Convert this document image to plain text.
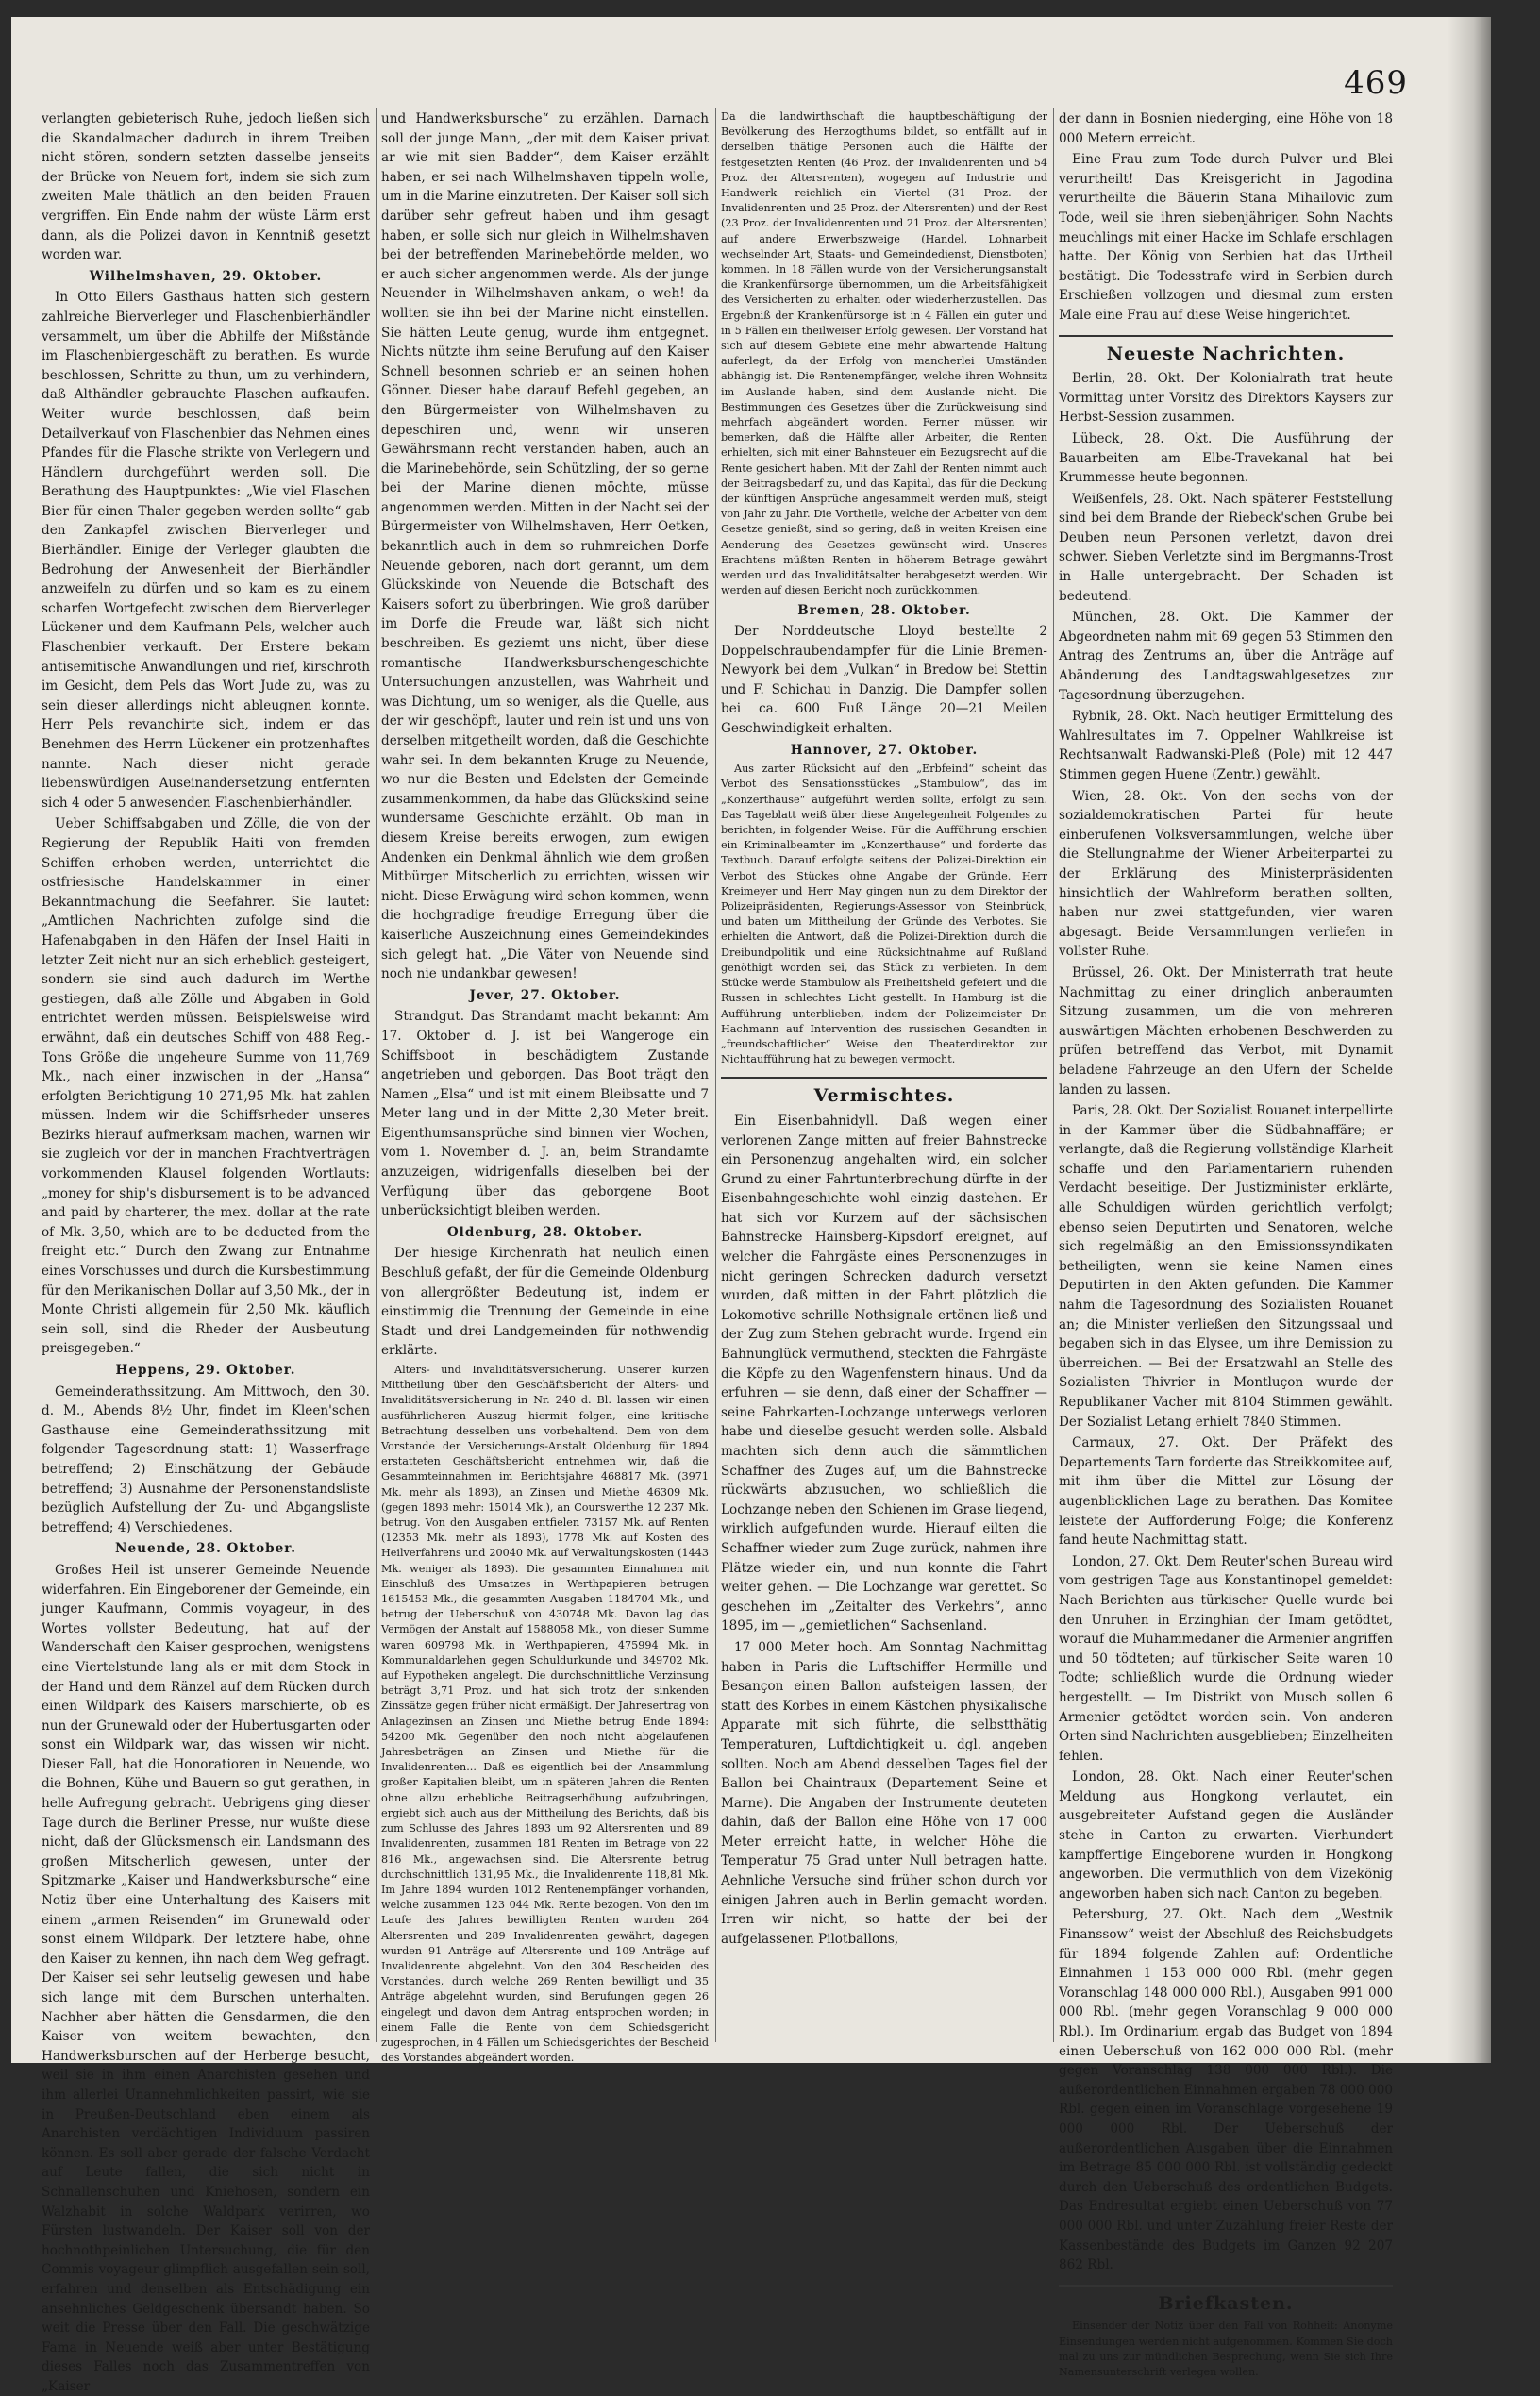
469

verlangten gebieterisch Ruhe, jedoch ließen sich die Skandalmacher dadurch in ihrem Treiben nicht stören, sondern setzten dasselbe jenseits der Brücke von Neuem fort, indem sie sich zum zweiten Male thätlich an den beiden Frauen vergriffen. Ein Ende nahm der wüste Lärm erst dann, als die Polizei davon in Kenntniß gesetzt worden war.

Wilhelmshaven, 29. Oktober.

In Otto Eilers Gasthaus hatten sich gestern zahlreiche Bierverleger und Flaschenbierhändler versammelt, um über die Abhilfe der Mißstände im Flaschenbiergeschäft zu berathen. Es wurde beschlossen, Schritte zu thun, um zu verhindern, daß Althändler gebrauchte Flaschen aufkaufen. Weiter wurde beschlossen, daß beim Detailverkauf von Flaschenbier das Nehmen eines Pfandes für die Flasche strikte von Verlegern und Händlern durchgeführt werden soll. Die Berathung des Hauptpunktes: „Wie viel Flaschen Bier für einen Thaler gegeben werden sollte“ gab den Zankapfel zwischen Bierverleger und Bierhändler. Einige der Verleger glaubten die Bedrohung der Anwesenheit der Bierhändler anzweifeln zu dürfen und so kam es zu einem scharfen Wortgefecht zwischen dem Bierverleger Lückener und dem Kaufmann Pels, welcher auch Flaschenbier verkauft. Der Erstere bekam antisemitische Anwandlungen und rief, kirschroth im Gesicht, dem Pels das Wort Jude zu, was zu sein dieser allerdings nicht ableugnen konnte. Herr Pels revanchirte sich, indem er das Benehmen des Herrn Lückener ein protzenhaftes nannte. Nach dieser nicht gerade liebenswürdigen Auseinandersetzung entfernten sich 4 oder 5 anwesenden Flaschenbierhändler.

Ueber Schiffsabgaben und Zölle, die von der Regierung der Republik Haiti von fremden Schiffen erhoben werden, unterrichtet die ostfriesische Handelskammer in einer Bekanntmachung die Seefahrer. Sie lautet: „Amtlichen Nachrichten zufolge sind die Hafenabgaben in den Häfen der Insel Haiti in letzter Zeit nicht nur an sich erheblich gesteigert, sondern sie sind auch dadurch im Werthe gestiegen, daß alle Zölle und Abgaben in Gold entrichtet werden müssen. Beispielsweise wird erwähnt, daß ein deutsches Schiff von 488 Reg.-Tons Größe die ungeheure Summe von 11,769 Mk., nach einer inzwischen in der „Hansa“ erfolgten Berichtigung 10 271,95 Mk. hat zahlen müssen. Indem wir die Schiffsrheder unseres Bezirks hierauf aufmerksam machen, warnen wir sie zugleich vor der in manchen Frachtverträgen vorkommenden Klausel folgenden Wortlauts: „money for ship's disbursement is to be advanced and paid by charterer, the mex. dollar at the rate of Mk. 3,50, which are to be deducted from the freight etc.“ Durch den Zwang zur Entnahme eines Vorschusses und durch die Kursbestimmung für den Merikanischen Dollar auf 3,50 Mk., der in Monte Christi allgemein für 2,50 Mk. käuflich sein soll, sind die Rheder der Ausbeutung preisgegeben.“

Heppens, 29. Oktober.

Gemeinderathssitzung. Am Mittwoch, den 30. d. M., Abends 8½ Uhr, findet im Kleen'schen Gasthause eine Gemeinderathssitzung mit folgender Tagesordnung statt: 1) Wasserfrage betreffend; 2) Einschätzung der Gebäude betreffend; 3) Ausnahme der Personenstandsliste bezüglich Aufstellung der Zu- und Abgangsliste betreffend; 4) Verschiedenes.

Neuende, 28. Oktober.

Großes Heil ist unserer Gemeinde Neuende widerfahren. Ein Eingeborener der Gemeinde, ein junger Kaufmann, Commis voyageur, in des Wortes vollster Bedeutung, hat auf der Wanderschaft den Kaiser gesprochen, wenigstens eine Viertelstunde lang als er mit dem Stock in der Hand und dem Ränzel auf dem Rücken durch einen Wildpark des Kaisers marschierte, ob es nun der Grunewald oder der Hubertusgarten oder sonst ein Wildpark war, das wissen wir nicht. Dieser Fall, hat die Honoratioren in Neuende, wo die Bohnen, Kühe und Bauern so gut gerathen, in helle Aufregung gebracht. Uebrigens ging dieser Tage durch die Berliner Presse, nur wußte diese nicht, daß der Glücksmensch ein Landsmann des großen Mitscherlich gewesen, unter der Spitzmarke „Kaiser und Handwerksbursche“ eine Notiz über eine Unterhaltung des Kaisers mit einem „armen Reisenden“ im Grunewald oder sonst einem Wildpark. Der letztere habe, ohne den Kaiser zu kennen, ihn nach dem Weg gefragt. Der Kaiser sei sehr leutselig gewesen und habe sich lange mit dem Burschen unterhalten. Nachher aber hätten die Gensdarmen, die den Kaiser von weitem bewachten, den Handwerksburschen auf der Herberge besucht, weil sie in ihm einen Anarchisten gesehen und ihm allerlei Unannehmlichkeiten passirt, wie sie in Preußen-Deutschland eben einem als Anarchisten verdächtigen Individuum passiren können. Es soll aber gerade der falsche Verdacht auf Leute fallen, die sich nicht in Schnallenschuhen und Kniehosen, sondern ein Walzhabit in solche Waldpark verirren, wo Fürsten lustwandeln. Der Kaiser soll von der hochnothpeinlichen Untersuchung, die für den Commis voyageur glimpflich ausgefallen sein soll, erfahren und denselben als Entschädigung ein ansehnliches Geldgeschenk übersandt haben. So weit die Presse über den Fall. Die geschwätzige Fama in Neuende weiß aber unter Bestätigung dieses Falles noch das Zusammentreffen von „Kaiser

und Handwerksbursche“ zu erzählen. Darnach soll der junge Mann, „der mit dem Kaiser privat ar wie mit sien Badder“, dem Kaiser erzählt haben, er sei nach Wilhelmshaven tippeln wolle, um in die Marine einzutreten. Der Kaiser soll sich darüber sehr gefreut haben und ihm gesagt haben, er solle sich nur gleich in Wilhelmshaven bei der betreffenden Marinebehörde melden, wo er auch sicher angenommen werde. Als der junge Neuender in Wilhelmshaven ankam, o weh! da wollten sie ihn bei der Marine nicht einstellen. Sie hätten Leute genug, wurde ihm entgegnet. Nichts nützte ihm seine Berufung auf den Kaiser Schnell besonnen schrieb er an seinen hohen Gönner. Dieser habe darauf Befehl gegeben, an den Bürgermeister von Wilhelmshaven zu depeschiren und, wenn wir unseren Gewährsmann recht verstanden haben, auch an die Marinebehörde, sein Schützling, der so gerne bei der Marine dienen möchte, müsse angenommen werden. Mitten in der Nacht sei der Bürgermeister von Wilhelmshaven, Herr Oetken, bekanntlich auch in dem so ruhmreichen Dorfe Neuende geboren, nach dort gerannt, um dem Glückskinde von Neuende die Botschaft des Kaisers sofort zu überbringen. Wie groß darüber im Dorfe die Freude war, läßt sich nicht beschreiben. Es geziemt uns nicht, über diese romantische Handwerksburschengeschichte Untersuchungen anzustellen, was Wahrheit und was Dichtung, um so weniger, als die Quelle, aus der wir geschöpft, lauter und rein ist und uns von derselben mitgetheilt worden, daß die Geschichte wahr sei. In dem bekannten Kruge zu Neuende, wo nur die Besten und Edelsten der Gemeinde zusammenkommen, da habe das Glückskind seine wundersame Geschichte erzählt. Ob man in diesem Kreise bereits erwogen, zum ewigen Andenken ein Denkmal ähnlich wie dem großen Mitbürger Mitscherlich zu errichten, wissen wir nicht. Diese Erwägung wird schon kommen, wenn die hochgradige freudige Erregung über die kaiserliche Auszeichnung eines Gemeindekindes sich gelegt hat. „Die Väter von Neuende sind noch nie undankbar gewesen!

Jever, 27. Oktober.

Strandgut. Das Strandamt macht bekannt: Am 17. Oktober d. J. ist bei Wangeroge ein Schiffsboot in beschädigtem Zustande angetrieben und geborgen. Das Boot trägt den Namen „Elsa“ und ist mit einem Bleibsatte und 7 Meter lang und in der Mitte 2,30 Meter breit. Eigenthumsansprüche sind binnen vier Wochen, vom 1. November d. J. an, beim Strandamte anzuzeigen, widrigenfalls dieselben bei der Verfügung über das geborgene Boot unberücksichtigt bleiben werden.

Oldenburg, 28. Oktober.

Der hiesige Kirchenrath hat neulich einen Beschluß gefaßt, der für die Gemeinde Oldenburg von allergrößter Bedeutung ist, indem er einstimmig die Trennung der Gemeinde in eine Stadt- und drei Landgemeinden für nothwendig erklärte.

Alters- und Invaliditätsversicherung. Unserer kurzen Mittheilung über den Geschäftsbericht der Alters- und Invaliditätsversicherung in Nr. 240 d. Bl. lassen wir einen ausführlicheren Auszug hiermit folgen, eine kritische Betrachtung desselben uns vorbehaltend. Dem von dem Vorstande der Versicherungs-Anstalt Oldenburg für 1894 erstatteten Geschäftsbericht entnehmen wir, daß die Gesammteinnahmen im Berichtsjahre 468817 Mk. (3971 Mk. mehr als 1893), an Zinsen und Miethe 46309 Mk. (gegen 1893 mehr: 15014 Mk.), an Courswerthe 12 237 Mk. betrug. Von den Ausgaben entfielen 73157 Mk. auf Renten (12353 Mk. mehr als 1893), 1778 Mk. auf Kosten des Heilverfahrens und 20040 Mk. auf Verwaltungskosten (1443 Mk. weniger als 1893). Die gesammten Einnahmen mit Einschluß des Umsatzes in Werthpapieren betrugen 1615453 Mk., die gesammten Ausgaben 1184704 Mk., und betrug der Ueberschuß von 430748 Mk. Davon lag das Vermögen der Anstalt auf 1588058 Mk., von dieser Summe waren 609798 Mk. in Werthpapieren, 475994 Mk. in Kommunaldarlehen gegen Schuldurkunde und 349702 Mk. auf Hypotheken angelegt. Die durchschnittliche Verzinsung beträgt 3,71 Proz. und hat sich trotz der sinkenden Zinssätze gegen früher nicht ermäßigt. Der Jahresertrag von Anlagezinsen an Zinsen und Miethe betrug Ende 1894: 54200 Mk. Gegenüber den noch nicht abgelaufenen Jahresbeträgen an Zinsen und Miethe für die Invalidenrenten... Daß es eigentlich bei der Ansammlung großer Kapitalien bleibt, um in späteren Jahren die Renten ohne allzu erhebliche Beitragserhöhung aufzubringen, ergiebt sich auch aus der Mittheilung des Berichts, daß bis zum Schlusse des Jahres 1893 um 92 Altersrenten und 89 Invalidenrenten, zusammen 181 Renten im Betrage von 22 816 Mk., angewachsen sind. Die Altersrente betrug durchschnittlich 131,95 Mk., die Invalidenrente 118,81 Mk. Im Jahre 1894 wurden 1012 Rentenempfänger vorhanden, welche zusammen 123 044 Mk. Rente bezogen. Von den im Laufe des Jahres bewilligten Renten wurden 264 Altersrenten und 289 Invalidenrenten gewährt, dagegen wurden 91 Anträge auf Altersrente und 109 Anträge auf Invalidenrente abgelehnt. Von den 304 Bescheiden des Vorstandes, durch welche 269 Renten bewilligt und 35 Anträge abgelehnt wurden, sind Berufungen gegen 26 eingelegt und davon dem Antrag entsprochen worden; in einem Falle die Rente von dem Schiedsgericht zugesprochen, in 4 Fällen um Schiedsgerichtes der Bescheid des Vorstandes abgeändert worden.

Da die landwirthschaft die hauptbeschäftigung der Bevölkerung des Herzogthums bildet, so entfällt auf in derselben thätige Personen auch die Hälfte der festgesetzten Renten (46 Proz. der Invalidenrenten und 54 Proz. der Altersrenten), wogegen auf Industrie und Handwerk reichlich ein Viertel (31 Proz. der Invalidenrenten und 25 Proz. der Altersrenten) und der Rest (23 Proz. der Invalidenrenten und 21 Proz. der Altersrenten) auf andere Erwerbszweige (Handel, Lohnarbeit wechselnder Art, Staats- und Gemeindedienst, Dienstboten) kommen. In 18 Fällen wurde von der Versicherungsanstalt die Krankenfürsorge übernommen, um die Arbeitsfähigkeit des Versicherten zu erhalten oder wiederherzustellen. Das Ergebniß der Krankenfürsorge ist in 4 Fällen ein guter und in 5 Fällen ein theilweiser Erfolg gewesen. Der Vorstand hat sich auf diesem Gebiete eine mehr abwartende Haltung auferlegt, da der Erfolg von mancherlei Umständen abhängig ist. Die Rentenempfänger, welche ihren Wohnsitz im Auslande haben, sind dem Auslande nicht. Die Bestimmungen des Gesetzes über die Zurückweisung sind mehrfach abgeändert worden. Ferner müssen wir bemerken, daß die Hälfte aller Arbeiter, die Renten erhielten, sich mit einer Bahnsteuer ein Bezugsrecht auf die Rente gesichert haben. Mit der Zahl der Renten nimmt auch der Beitragsbedarf zu, und das Kapital, das für die Deckung der künftigen Ansprüche angesammelt werden muß, steigt von Jahr zu Jahr. Die Vortheile, welche der Arbeiter von dem Gesetze genießt, sind so gering, daß in weiten Kreisen eine Aenderung des Gesetzes gewünscht wird. Unseres Erachtens müßten Renten in höherem Betrage gewährt werden und das Invaliditätsalter herabgesetzt werden. Wir werden auf diesen Bericht noch zurückkommen.

Bremen, 28. Oktober.

Der Norddeutsche Lloyd bestellte 2 Doppelschraubendampfer für die Linie Bremen-Newyork bei dem „Vulkan“ in Bredow bei Stettin und F. Schichau in Danzig. Die Dampfer sollen bei ca. 600 Fuß Länge 20—21 Meilen Geschwindigkeit erhalten.

Hannover, 27. Oktober.

Aus zarter Rücksicht auf den „Erbfeind“ scheint das Verbot des Sensationsstückes „Stambulow“, das im „Konzerthause“ aufgeführt werden sollte, erfolgt zu sein. Das Tageblatt weiß über diese Angelegenheit Folgendes zu berichten, in folgender Weise. Für die Aufführung erschien ein Kriminalbeamter im „Konzerthause“ und forderte das Textbuch. Darauf erfolgte seitens der Polizei-Direktion ein Verbot des Stückes ohne Angabe der Gründe. Herr Kreimeyer und Herr May gingen nun zu dem Direktor der Polizeipräsidenten, Regierungs-Assessor von Steinbrück, und baten um Mittheilung der Gründe des Verbotes. Sie erhielten die Antwort, daß die Polizei-Direktion durch die Dreibundpolitik und eine Rücksichtnahme auf Rußland genöthigt worden sei, das Stück zu verbieten. In dem Stücke werde Stambulow als Freiheitsheld gefeiert und die Russen in schlechtes Licht gestellt. In Hamburg ist die Aufführung unterblieben, indem der Polizeimeister Dr. Hachmann auf Intervention des russischen Gesandten in „freundschaftlicher“ Weise den Theaterdirektor zur Nichtaufführung hat zu bewegen vermocht.

Vermischtes.

Ein Eisenbahnidyll. Daß wegen einer verlorenen Zange mitten auf freier Bahnstrecke ein Personenzug angehalten wird, ein solcher Grund zu einer Fahrtunterbrechung dürfte in der Eisenbahngeschichte wohl einzig dastehen. Er hat sich vor Kurzem auf der sächsischen Bahnstrecke Hainsberg-Kipsdorf ereignet, auf welcher die Fahrgäste eines Personenzuges in nicht geringen Schrecken dadurch versetzt wurden, daß mitten in der Fahrt plötzlich die Lokomotive schrille Nothsignale ertönen ließ und der Zug zum Stehen gebracht wurde. Irgend ein Bahnunglück vermuthend, steckten die Fahrgäste die Köpfe zu den Wagenfenstern hinaus. Und da erfuhren — sie denn, daß einer der Schaffner — seine Fahrkarten-Lochzange unterwegs verloren habe und dieselbe gesucht werden solle. Alsbald machten sich denn auch die sämmtlichen Schaffner des Zuges auf, um die Bahnstrecke rückwärts abzusuchen, wo schließlich die Lochzange neben den Schienen im Grase liegend, wirklich aufgefunden wurde. Hierauf eilten die Schaffner wieder zum Zuge zurück, nahmen ihre Plätze wieder ein, und nun konnte die Fahrt weiter gehen. — Die Lochzange war gerettet. So geschehen im „Zeitalter des Verkehrs“, anno 1895, im — „gemietlichen“ Sachsenland.

17 000 Meter hoch. Am Sonntag Nachmittag haben in Paris die Luftschiffer Hermille und Besançon einen Ballon aufsteigen lassen, der statt des Korbes in einem Kästchen physikalische Apparate mit sich führte, die selbstthätig Temperaturen, Luftdichtigkeit u. dgl. angeben sollten. Noch am Abend desselben Tages fiel der Ballon bei Chaintraux (Departement Seine et Marne). Die Angaben der Instrumente deuteten dahin, daß der Ballon eine Höhe von 17 000 Meter erreicht hatte, in welcher Höhe die Temperatur 75 Grad unter Null betragen hatte. Aehnliche Versuche sind früher schon durch vor einigen Jahren auch in Berlin gemacht worden. Irren wir nicht, so hatte der bei der aufgelassenen Pilotballons,

der dann in Bosnien niederging, eine Höhe von 18 000 Metern erreicht.

Eine Frau zum Tode durch Pulver und Blei verurtheilt! Das Kreisgericht in Jagodina verurtheilte die Bäuerin Stana Mihailovic zum Tode, weil sie ihren siebenjährigen Sohn Nachts meuchlings mit einer Hacke im Schlafe erschlagen hatte. Der König von Serbien hat das Urtheil bestätigt. Die Todesstrafe wird in Serbien durch Erschießen vollzogen und diesmal zum ersten Male eine Frau auf diese Weise hingerichtet.

Neueste Nachrichten.

Berlin, 28. Okt. Der Kolonialrath trat heute Vormittag unter Vorsitz des Direktors Kaysers zur Herbst-Session zusammen.

Lübeck, 28. Okt. Die Ausführung der Bauarbeiten am Elbe-Travekanal hat bei Krummesse heute begonnen.

Weißenfels, 28. Okt. Nach späterer Feststellung sind bei dem Brande der Riebeck'schen Grube bei Deuben neun Personen verletzt, davon drei schwer. Sieben Verletzte sind im Bergmanns-Trost in Halle untergebracht. Der Schaden ist bedeutend.

München, 28. Okt. Die Kammer der Abgeordneten nahm mit 69 gegen 53 Stimmen den Antrag des Zentrums an, über die Anträge auf Abänderung des Landtagswahlgesetzes zur Tagesordnung überzugehen.

Rybnik, 28. Okt. Nach heutiger Ermittelung des Wahlresultates im 7. Oppelner Wahlkreise ist Rechtsanwalt Radwanski-Pleß (Pole) mit 12 447 Stimmen gegen Huene (Zentr.) gewählt.

Wien, 28. Okt. Von den sechs von der sozialdemokratischen Partei für heute einberufenen Volksversammlungen, welche über die Stellungnahme der Wiener Arbeiterpartei zu der Erklärung des Ministerpräsidenten hinsichtlich der Wahlreform berathen sollten, haben nur zwei stattgefunden, vier waren abgesagt. Beide Versammlungen verliefen in vollster Ruhe.

Brüssel, 26. Okt. Der Ministerrath trat heute Nachmittag zu einer dringlich anberaumten Sitzung zusammen, um die von mehreren auswärtigen Mächten erhobenen Beschwerden zu prüfen betreffend das Verbot, mit Dynamit beladene Fahrzeuge an den Ufern der Schelde landen zu lassen.

Paris, 28. Okt. Der Sozialist Rouanet interpellirte in der Kammer über die Südbahnaffäre; er verlangte, daß die Regierung vollständige Klarheit schaffe und den Parlamentariern ruhenden Verdacht beseitige. Der Justizminister erklärte, alle Schuldigen würden gerichtlich verfolgt; ebenso seien Deputirten und Senatoren, welche sich regelmäßig an den Emissionssyndikaten betheiligten, wenn sie keine Namen eines Deputirten in den Akten gefunden. Die Kammer nahm die Tagesordnung des Sozialisten Rouanet an; die Minister verließen den Sitzungssaal und begaben sich in das Elysee, um ihre Demission zu überreichen. — Bei der Ersatzwahl an Stelle des Sozialisten Thivrier in Montluçon wurde der Republikaner Vacher mit 8104 Stimmen gewählt. Der Sozialist Letang erhielt 7840 Stimmen.

Carmaux, 27. Okt. Der Präfekt des Departements Tarn forderte das Streikkomitee auf, mit ihm über die Mittel zur Lösung der augenblicklichen Lage zu berathen. Das Komitee leistete der Aufforderung Folge; die Konferenz fand heute Nachmittag statt.

London, 27. Okt. Dem Reuter'schen Bureau wird vom gestrigen Tage aus Konstantinopel gemeldet: Nach Berichten aus türkischer Quelle wurde bei den Unruhen in Erzinghian der Imam getödtet, worauf die Muhammedaner die Armenier angriffen und 50 tödteten; auf türkischer Seite waren 10 Todte; schließlich wurde die Ordnung wieder hergestellt. — Im Distrikt von Musch sollen 6 Armenier getödtet worden sein. Von anderen Orten sind Nachrichten ausgeblieben; Einzelheiten fehlen.

London, 28. Okt. Nach einer Reuter'schen Meldung aus Hongkong verlautet, ein ausgebreiteter Aufstand gegen die Ausländer stehe in Canton zu erwarten. Vierhundert kampffertige Eingeborene wurden in Hongkong angeworben. Die vermuthlich von dem Vizekönig angeworben haben sich nach Canton zu begeben.

Petersburg, 27. Okt. Nach dem „Westnik Finanssow“ weist der Abschluß des Reichsbudgets für 1894 folgende Zahlen auf: Ordentliche Einnahmen 1 153 000 000 Rbl. (mehr gegen Voranschlag 148 000 000 Rbl.), Ausgaben 991 000 000 Rbl. (mehr gegen Voranschlag 9 000 000 Rbl.). Im Ordinarium ergab das Budget von 1894 einen Ueberschuß von 162 000 000 Rbl. (mehr gegen Voranschlag 138 000 000 Rbl.). Die außerordentlichen Einnahmen ergaben 78 000 000 Rbl. gegen einen im Voranschlage vorgesehene 19 000 000 Rbl. Der Ueberschuß der außerordentlichen Ausgaben über die Einnahmen im Betrage 85 000 000 Rbl. ist vollständig gedeckt durch den Ueberschuß des ordentlichen Budgets. Das Endresultat ergiebt einen Ueberschuß von 77 000 000 Rbl. und unter Zuzählung freier Reste der Kassenbestände des Budgets im Ganzen 92 207 862 Rbl.

Briefkasten.

Einsender der Notiz über den Fall von Rohheit: Anonyme Einsendungen werden nicht aufgenommen. Kommen Sie doch mal zu uns zur mündlichen Besprechung, wenn Sie sich Ihre Namensunterschrift verlegen wollen.
